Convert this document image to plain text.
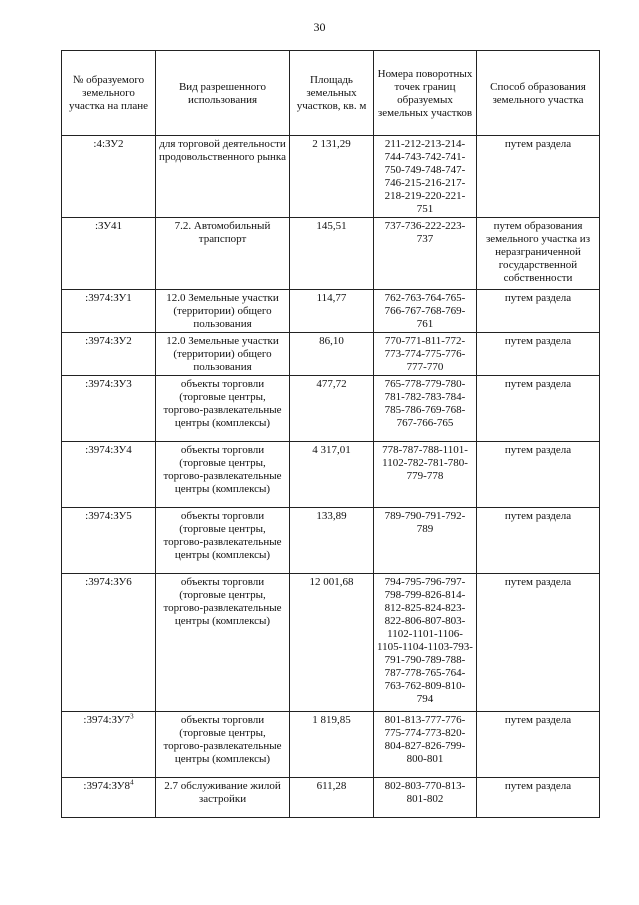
30
№ образуемого земельного участка на плане	Вид разрешенного использования	Площадь земельных участков, кв. м	Номера поворотных точек границ образуемых земельных участков	Способ образования земельного участка
:4:ЗУ2	для торговой деятельности продовольственного рынка	2 131,29	211-212-213-214-744-743-742-741-750-749-748-747-746-215-216-217-218-219-220-221-751	путем раздела
:ЗУ41	7.2. Автомобильный трапспорт	145,51	737-736-222-223-737	путем образования земельного участка из неразграниченной государственной собственности
:3974:ЗУ1	12.0 Земельные участки (территории) общего пользования	114,77	762-763-764-765-766-767-768-769-761	путем раздела
:3974:ЗУ2	12.0 Земельные участки (территории) общего пользования	86,10	770-771-811-772-773-774-775-776-777-770	путем раздела
:3974:ЗУ3	объекты торговли (торговые центры, торгово-развлекательные центры (комплексы)	477,72	765-778-779-780-781-782-783-784-785-786-769-768-767-766-765	путем раздела
:3974:ЗУ4	объекты торговли (торговые центры, торгово-развлекательные центры (комплексы)	4 317,01	778-787-788-1101-1102-782-781-780-779-778	путем раздела
:3974:ЗУ5	объекты торговли (торговые центры, торгово-развлекательные центры (комплексы)	133,89	789-790-791-792-789	путем раздела
:3974:ЗУ6	объекты торговли (торговые центры, торгово-развлекательные центры (комплексы)	12 001,68	794-795-796-797-798-799-826-814-812-825-824-823-822-806-807-803-1102-1101-1106-1105-1104-1103-793-791-790-789-788-787-778-765-764-763-762-809-810-794	путем раздела
$:3974:ЗУ7^3$	объекты торговли (торговые центры, торгово-развлекательные центры (комплексы)	1 819,85	801-813-777-776-775-774-773-820-804-827-826-799-800-801	путем раздела
$:3974:ЗУ8^4$	2.7 обслуживание жилой застройки	611,28	802-803-770-813-801-802	путем раздела
